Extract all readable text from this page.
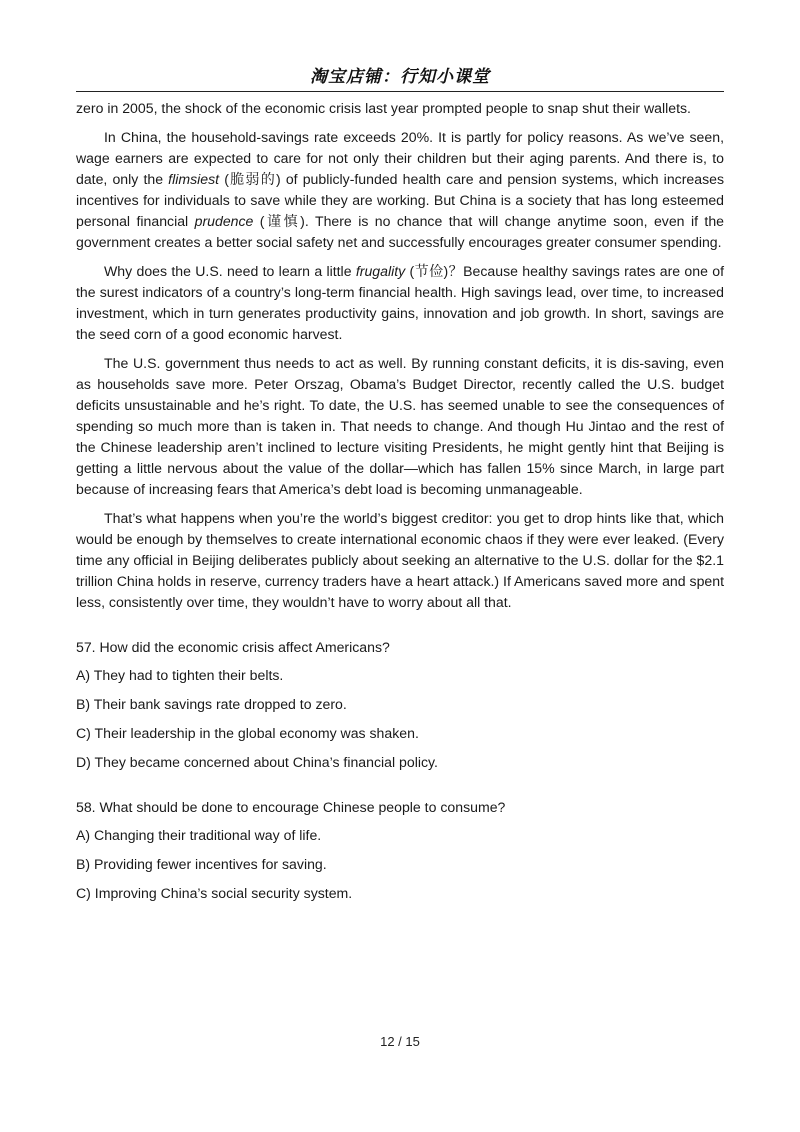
淘宝店铺：行知小课堂

zero in 2005, the shock of the economic crisis last year prompted people to snap shut their wallets.

In China, the household-savings rate exceeds 20%. It is partly for policy reasons. As we’ve seen, wage earners are expected to care for not only their children but their aging parents. And there is, to date, only the flimsiest (脆弱的) of publicly-funded health care and pension systems, which increases incentives for individuals to save while they are working. But China is a society that has long esteemed personal financial prudence (谨慎). There is no chance that will change anytime soon, even if the government creates a better social safety net and successfully encourages greater consumer spending.

Why does the U.S. need to learn a little frugality (节俭)？Because healthy savings rates are one of the surest indicators of a country’s long-term financial health. High savings lead, over time, to increased investment, which in turn generates productivity gains, innovation and job growth. In short, savings are the seed corn of a good economic harvest.

The U.S. government thus needs to act as well. By running constant deficits, it is dis-saving, even as households save more. Peter Orszag, Obama’s Budget Director, recently called the U.S. budget deficits unsustainable and he’s right. To date, the U.S. has seemed unable to see the consequences of spending so much more than is taken in. That needs to change. And though Hu Jintao and the rest of the Chinese leadership aren’t inclined to lecture visiting Presidents, he might gently hint that Beijing is getting a little nervous about the value of the dollar—which has fallen 15% since March, in large part because of increasing fears that America’s debt load is becoming unmanageable.

That’s what happens when you’re the world’s biggest creditor: you get to drop hints like that, which would be enough by themselves to create international economic chaos if they were ever leaked. (Every time any official in Beijing deliberates publicly about seeking an alternative to the U.S. dollar for the $2.1 trillion China holds in reserve, currency traders have a heart attack.) If Americans saved more and spent less, consistently over time, they wouldn’t have to worry about all that.

57. How did the economic crisis affect Americans?
A) They had to tighten their belts.
B) Their bank savings rate dropped to zero.
C) Their leadership in the global economy was shaken.
D) They became concerned about China’s financial policy.
58. What should be done to encourage Chinese people to consume?
A) Changing their traditional way of life.
B) Providing fewer incentives for saving.
C) Improving China’s social security system.
12 / 15
